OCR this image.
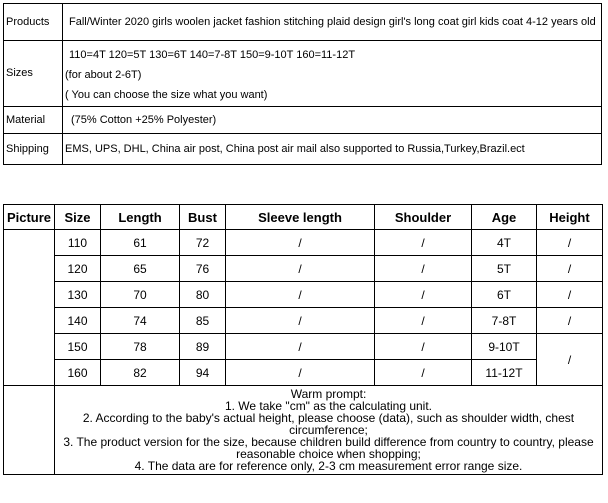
Products	Fall/Winter 2020 girls woolen jacket fashion stitching plaid design girl's long coat girl kids coat 4-12 years old
Sizes	110=4T 120=5T 130=6T 140=7-8T 150=9-10T 160=11-12T
(for about 2-6T)
( You can choose the size what you want)

Material	(75% Cotton +25% Polyester)
Shipping	EMS, UPS, DHL, China air post, China post air mail also supported to Russia,Turkey,Brazil.ect
Picture	Size	Length	Bust	Sleeve length	Shoulder	Age	Height
	110	61	72	/	/	4T	/
	120	65	76	/	/	5T	/
	130	70	80	/	/	6T	/
	140	74	85	/	/	7-8T	/
	150	78	89	/	/	9-10T	/
	160	82	94	/	/	11-12T	

	Warm prompt:
1. We take "cm" as the calculating unit.
2. According to the baby's actual height, please choose (data), such as shoulder width, chest circumference;
3. The product version for the size, because children build difference from country to country, please reasonable choice when shopping;
4. The data are for reference only, 2-3 cm measurement error range size.						
